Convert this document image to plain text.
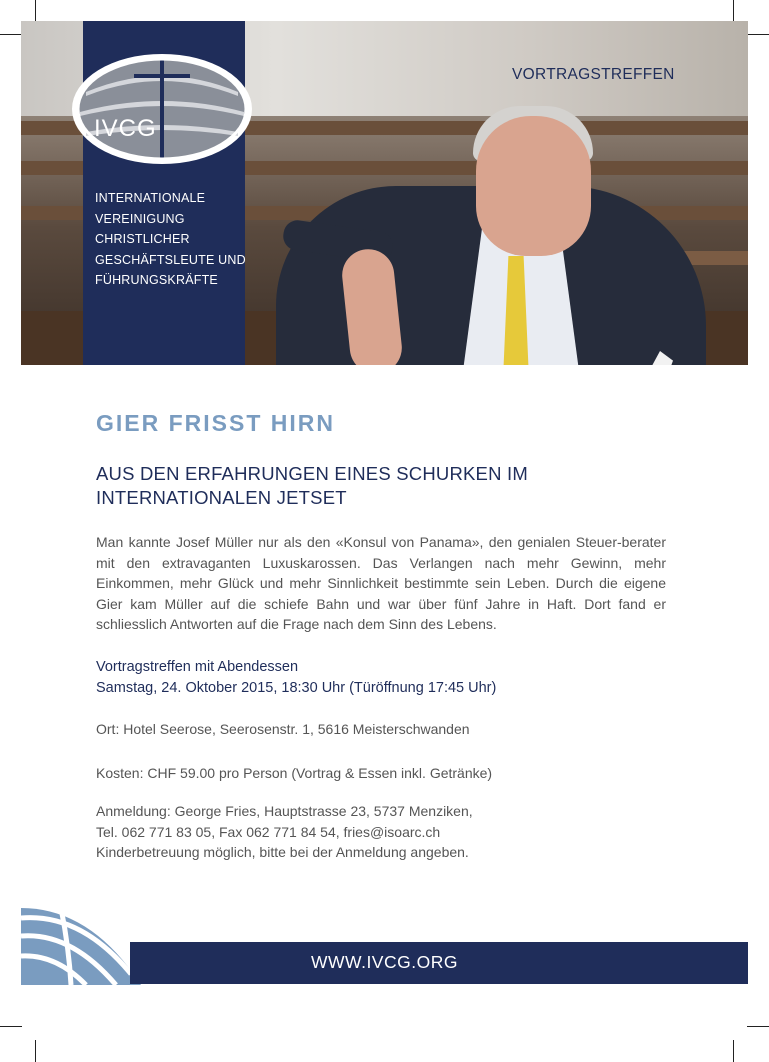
IVCG
INTERNATIONALE
VEREINIGUNG
CHRISTLICHER
GESCHÄFTSLEUTE UND
FÜHRUNGSKRÄFTE
VORTRAGSTREFFEN
GIER FRISST HIRN
AUS DEN ERFAHRUNGEN EINES SCHURKEN IM INTERNATIONALEN JETSET

Man kannte Josef Müller nur als den «Konsul von Panama», den genialen Steuer-berater mit den extravaganten Luxuskarossen. Das Verlangen nach mehr Gewinn, mehr Einkommen, mehr Glück und mehr Sinnlichkeit bestimmte sein Leben. Durch die eigene Gier kam Müller auf die schiefe Bahn und war über fünf Jahre in Haft. Dort fand er schliesslich Antworten auf die Frage nach dem Sinn des Lebens.

Vortragstreffen mit Abendessen
Samstag, 24. Oktober 2015, 18:30 Uhr (Türöffnung 17:45 Uhr)
Ort: Hotel Seerose, Seerosenstr. 1, 5616 Meisterschwanden
Kosten: CHF 59.00 pro Person (Vortrag & Essen inkl. Getränke)
Anmeldung: George Fries, Hauptstrasse 23, 5737 Menziken,
Tel. 062 771 83 05, Fax 062 771 84 54, fries@isoarc.ch
Kinderbetreuung möglich, bitte bei der Anmeldung angeben.
WWW.IVCG.ORG
